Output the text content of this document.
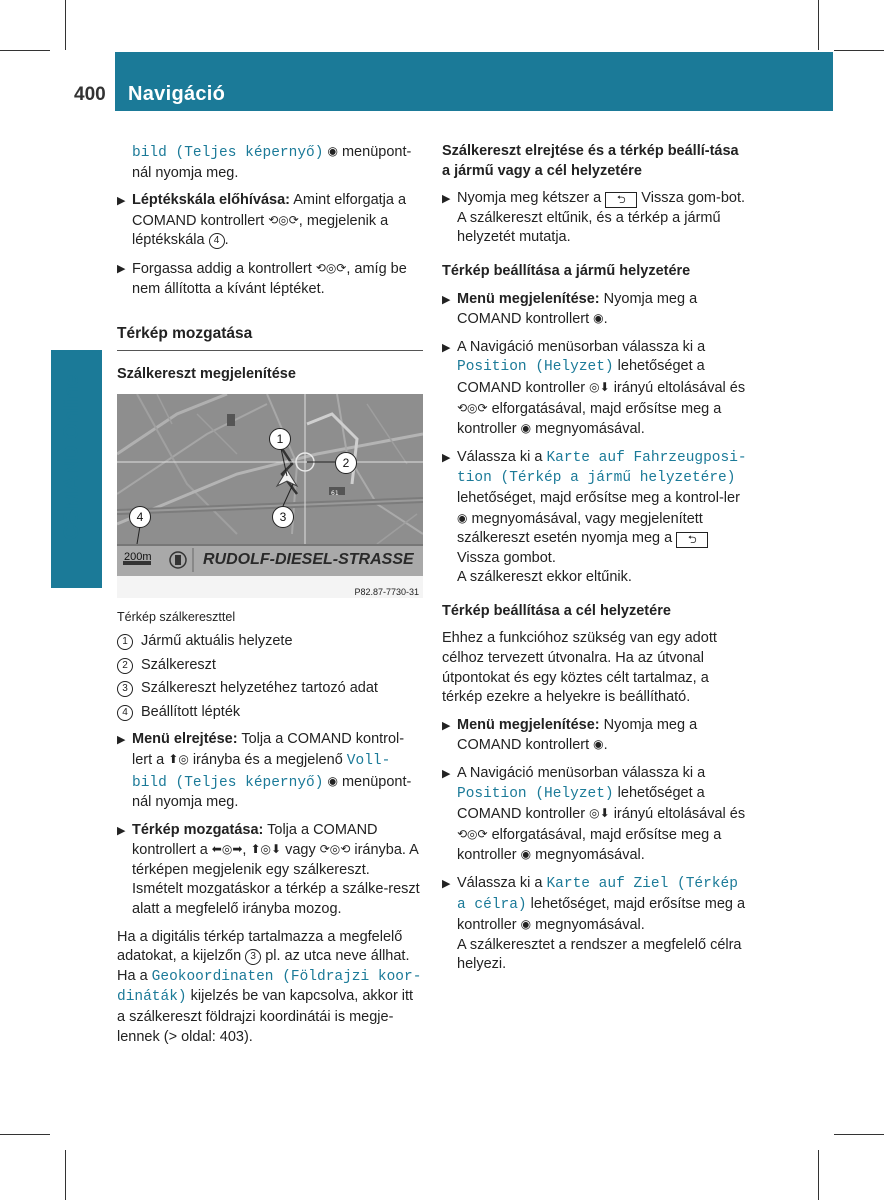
400 Navigáció
COMAND Online

bild (Teljes képernyő) ◉ menüpont- nál nyomja meg.

▶ Léptékskála előhívása: Amint elforgatja a COMAND kontrollert ⟲◎⟳, megjelenik a léptékskála 4 .
▶ Forgassa addig a kontrollert ⟲◎⟳, amíg be nem állította a kívánt léptéket.
Térkép mozgatása
Szálkereszt megjelenítése
61
1
2
3
4
200m	RUDOLF-DIESEL-STRASSE
P82.87-7730-31
Térkép szálkereszttel
1 Jármű aktuális helyzete
2 Szálkereszt
3 Szálkereszt helyzetéhez tartozó adat
4 Beállított lépték
▶ Menü elrejtése: Tolja a COMAND kontrol-lert a ⬆◎ irányba és a megjelenő Voll- bild (Teljes képernyő) ◉ menüpont-nál nyomja meg.
▶ Térkép mozgatása: Tolja a COMAND kontrollert a ⬅◎➡, ⬆◎⬇ vagy ⟳◎⟲ irányba. A térképen megjelenik egy szálkereszt. Ismételt mozgatáskor a térkép a szálke-reszt alatt a megfelelő irányba mozog.

Ha a digitális térkép tartalmazza a megfelelő adatokat, a kijelzőn 3 pl. az utca neve állhat. Ha a Geokoordinaten (Földrajzi koor-dináták) kijelzés be van kapcsolva, akkor itt a szálkereszt földrajzi koordinátái is megje-lennek (> oldal: 403).

Szálkereszt elrejtése és a térkép beállí-tása a jármű vagy a cél helyzetére
▶ Nyomja meg kétszer a ⮌ Vissza gom-bot.
A szálkereszt eltűnik, és a térkép a jármű helyzetét mutatja.
Térkép beállítása a jármű helyzetére
▶ Menü megjelenítése: Nyomja meg a COMAND kontrollert ◉.
▶ A Navigáció menüsorban válassza ki a Position (Helyzet) lehetőséget a COMAND kontroller ◎⬇ irányú eltolásával és ⟲◎⟳ elforgatásával, majd erősítse meg a kontroller ◉ megnyomásával.
▶ Válassza ki a Karte auf Fahrzeugposi-tion (Térkép a jármű helyzetére) lehetőséget, majd erősítse meg a kontrol-ler ◉ megnyomásával, vagy megjelenített szálkereszt esetén nyomja meg a ⮌ Vissza gombot.
A szálkereszt ekkor eltűnik.
Térkép beállítása a cél helyzetére

Ehhez a funkcióhoz szükség van egy adott célhoz tervezett útvonalra. Ha az útvonal útpontokat és egy köztes célt tartalmaz, a térkép ezekre a helyekre is beállítható.

▶ Menü megjelenítése: Nyomja meg a COMAND kontrollert ◉.
▶ A Navigáció menüsorban válassza ki a Position (Helyzet) lehetőséget a COMAND kontroller ◎⬇ irányú eltolásával és ⟲◎⟳ elforgatásával, majd erősítse meg a kontroller ◉ megnyomásával.
▶ Válassza ki a Karte auf Ziel (Térkép a célra) lehetőséget, majd erősítse meg a kontroller ◉ megnyomásával.
A szálkeresztet a rendszer a megfelelő célra helyezi.
